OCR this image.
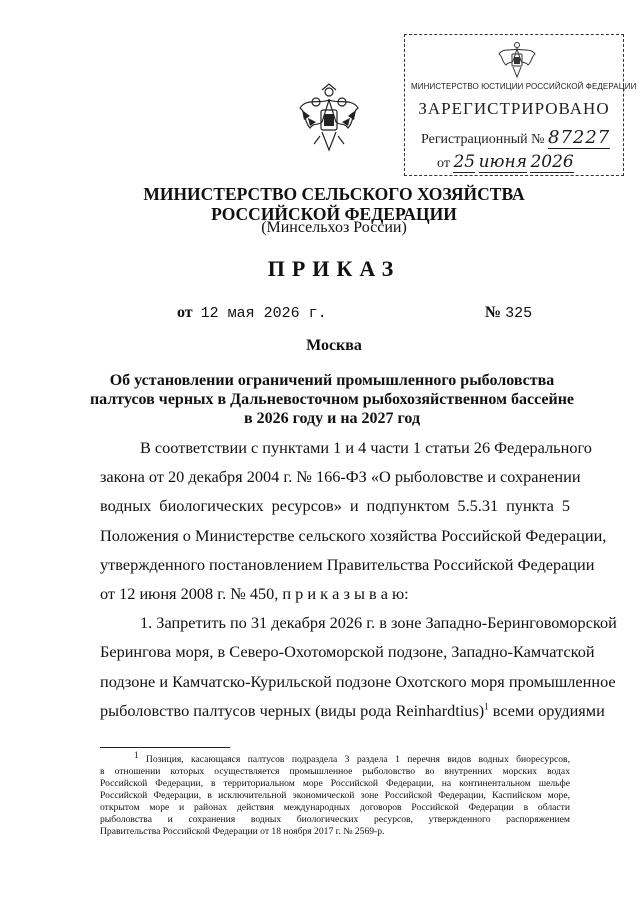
МИНИСТЕРСТВО ЮСТИЦИИ РОССИЙСКОЙ ФЕДЕРАЦИИ
ЗАРЕГИСТРИРОВАНО
Регистрационный № 87227
от 25 июня 2026
МИНИСТЕРСТВО СЕЛЬСКОГО ХОЗЯЙСТВА
РОССИЙСКОЙ ФЕДЕРАЦИИ
(Минсельхоз России)
ПРИКАЗ
от 12 мая 2026 г.	№ 325
Москва
Об установлении ограничений промышленного рыболовства
палтусов черных в Дальневосточном рыбохозяйственном бассейне
в 2026 году и на 2027 год
В соответствии с пунктами 1 и 4 части 1 статьи 26 Федерального
закона от 20 декабря 2004 г. № 166-ФЗ «О рыболовстве и сохранении
водных биологических ресурсов» и подпунктом 5.5.31 пункта 5
Положения о Министерстве сельского хозяйства Российской Федерации,
утвержденного постановлением Правительства Российской Федерации
от 12 июня 2008 г. № 450, п р и к а з ы в а ю:
1. Запретить по 31 декабря 2026 г. в зоне Западно-Беринговоморской
Берингова моря, в Северо-Охотоморской подзоне, Западно-Камчатской
подзоне и Камчатско-Курильской подзоне Охотского моря промышленное
рыболовство палтусов черных (виды рода Reinhardtius)$^1$ всеми орудиями
$^1$ Позиция, касающаяся палтусов подраздела 3 раздела 1 перечня видов водных биоресурсов,
в отношении которых осуществляется промышленное рыболовство во внутренних морских водах
Российской Федерации, в территориальном море Российской Федерации, на континентальном шельфе
Российской Федерации, в исключительной экономической зоне Российской Федерации, Каспийском море,
открытом море и районах действия международных договоров Российской Федерации в области
рыболовства и сохранения водных биологических ресурсов, утвержденного распоряжением
Правительства Российской Федерации от 18 ноября 2017 г. № 2569-р.
